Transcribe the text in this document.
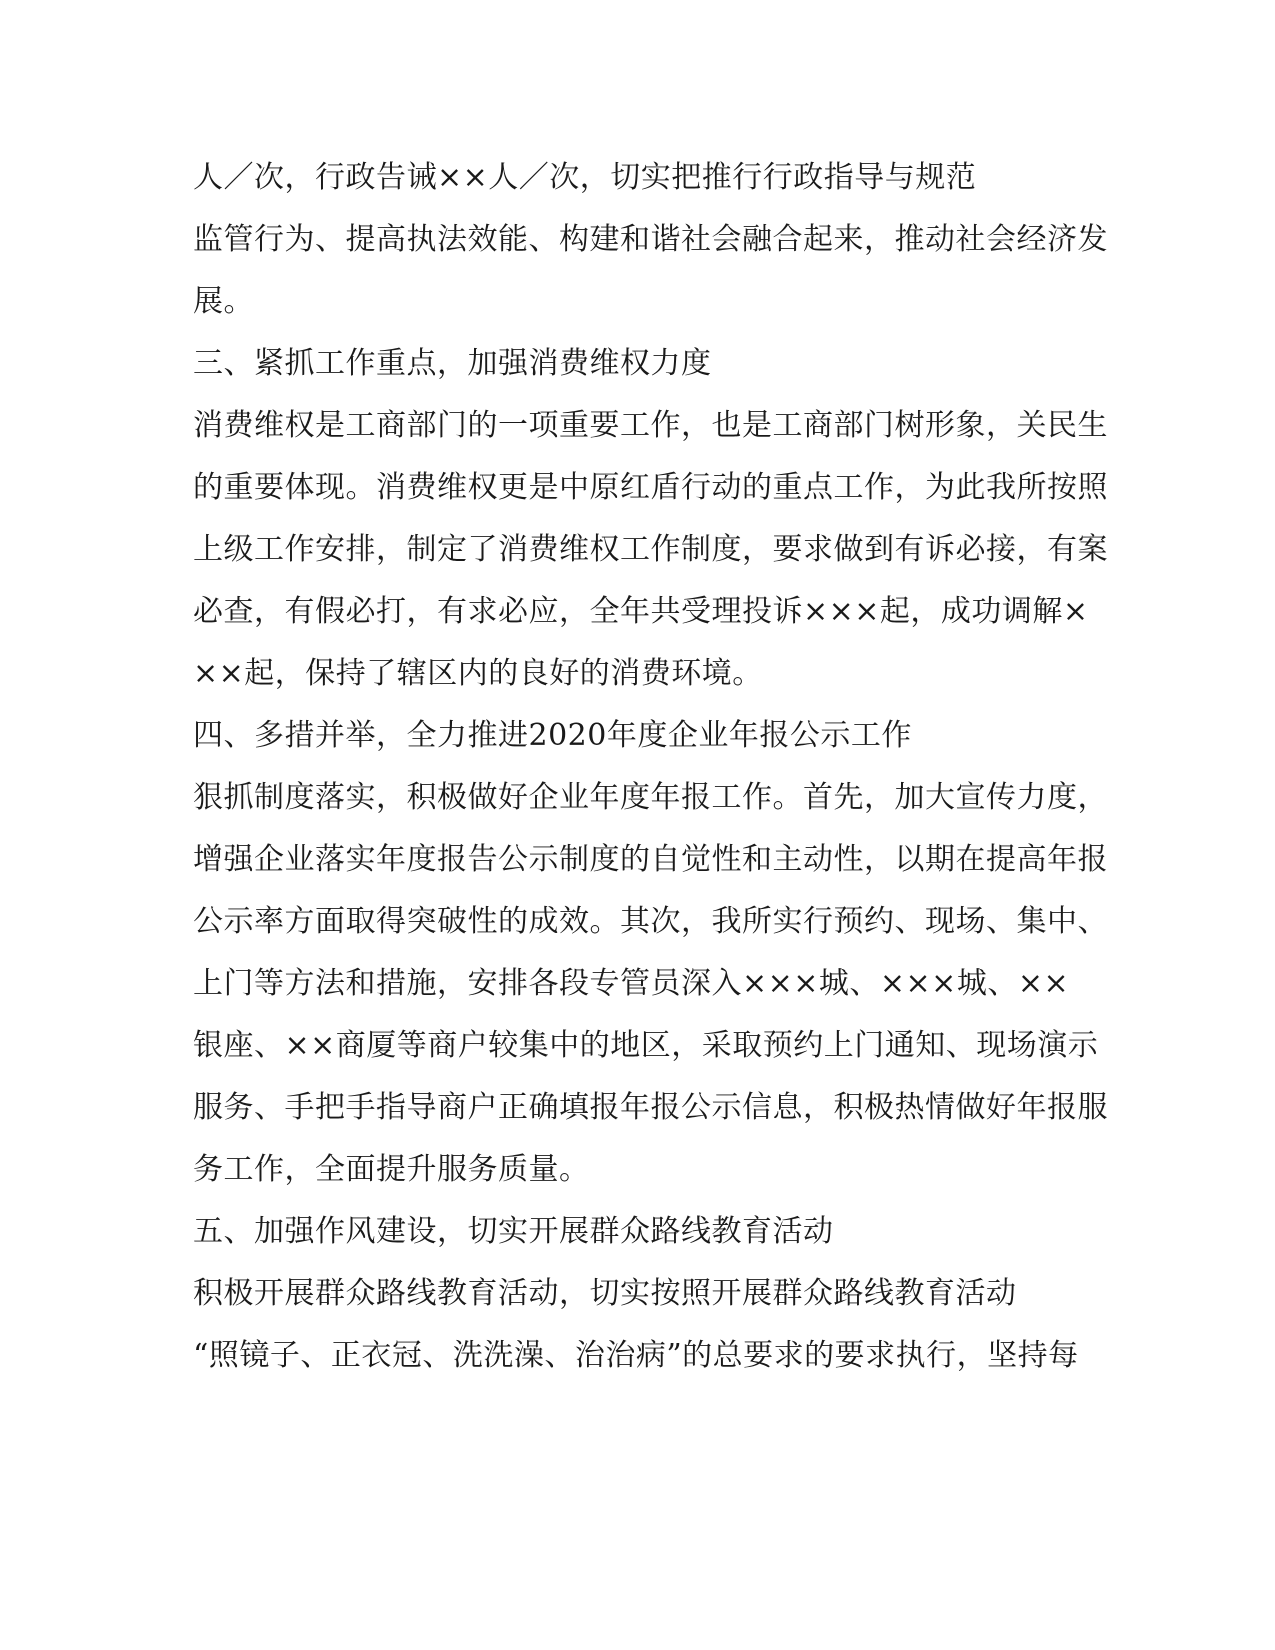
人／次，行政告诫××人／次，切实把推行行政指导与规范
监管行为、提高执法效能、构建和谐社会融合起来，推动社会经济发
展。
三、紧抓工作重点，加强消费维权力度
消费维权是工商部门的一项重要工作，也是工商部门树形象，关民生
的重要体现。消费维权更是中原红盾行动的重点工作，为此我所按照
上级工作安排，制定了消费维权工作制度，要求做到有诉必接，有案
必查，有假必打，有求必应，全年共受理投诉×××起，成功调解×
××起，保持了辖区内的良好的消费环境。
四、多措并举，全力推进2020年度企业年报公示工作
狠抓制度落实，积极做好企业年度年报工作。首先，加大宣传力度，
增强企业落实年度报告公示制度的自觉性和主动性，以期在提高年报
公示率方面取得突破性的成效。其次，我所实行预约、现场、集中、
上门等方法和措施，安排各段专管员深入×××城、×××城、××
银座、××商厦等商户较集中的地区，采取预约上门通知、现场演示
服务、手把手指导商户正确填报年报公示信息，积极热情做好年报服
务工作，全面提升服务质量。
五、加强作风建设，切实开展群众路线教育活动
积极开展群众路线教育活动，切实按照开展群众路线教育活动
“照镜子、正衣冠、洗洗澡、治治病”的总要求的要求执行，坚持每
